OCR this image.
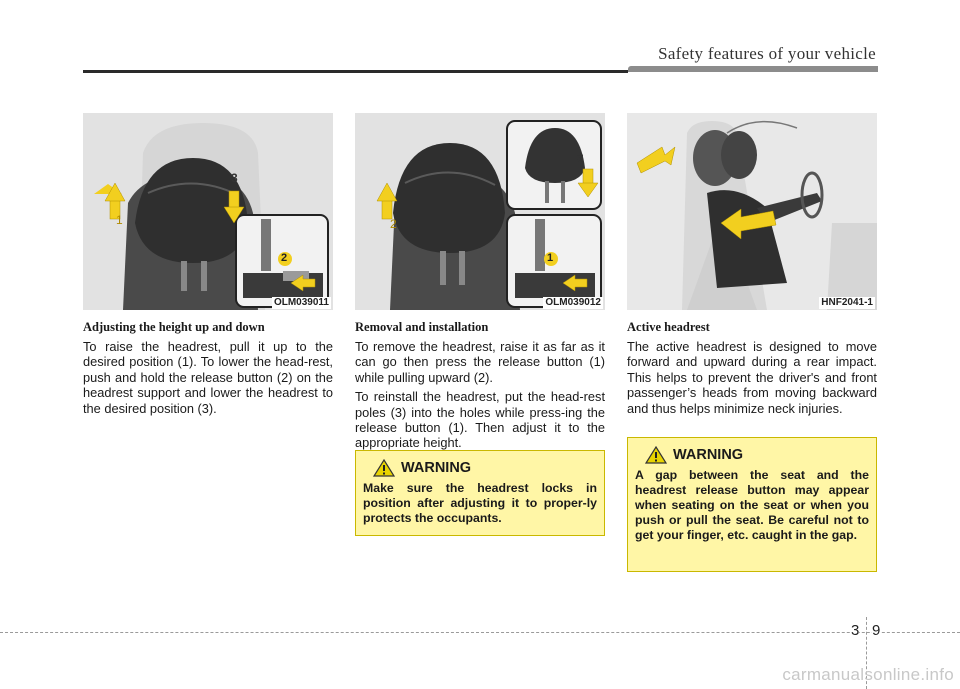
Safety features of your vehicle
1
3
2
OLM039011
Adjusting the height up and down

To raise the headrest, pull it up to the desired position (1). To lower the head-rest, push and hold the release button (2) on the headrest support and lower the headrest to the desired position (3).

2
3
1
OLM039012
Removal and installation

To remove the headrest, raise it as far as it can go then press the release button (1) while pulling upward (2).

To reinstall the headrest, put the head-rest poles (3) into the holes while press-ing the release button (1). Then adjust it to the appropriate height.

HNF2041-1
Active headrest

The active headrest is designed to move forward and upward during a rear impact. This helps to prevent the driver's and front passenger’s heads from moving backward and thus helps minimize neck injuries.

WARNING
Make sure the headrest locks in position after adjusting it to proper-ly protects the occupants.
WARNING
A gap between the seat and the headrest release button may appear when seating on the seat or when you push or pull the seat. Be careful not to get your finger, etc. caught in the gap.
3 9
carmanualsonline.info
